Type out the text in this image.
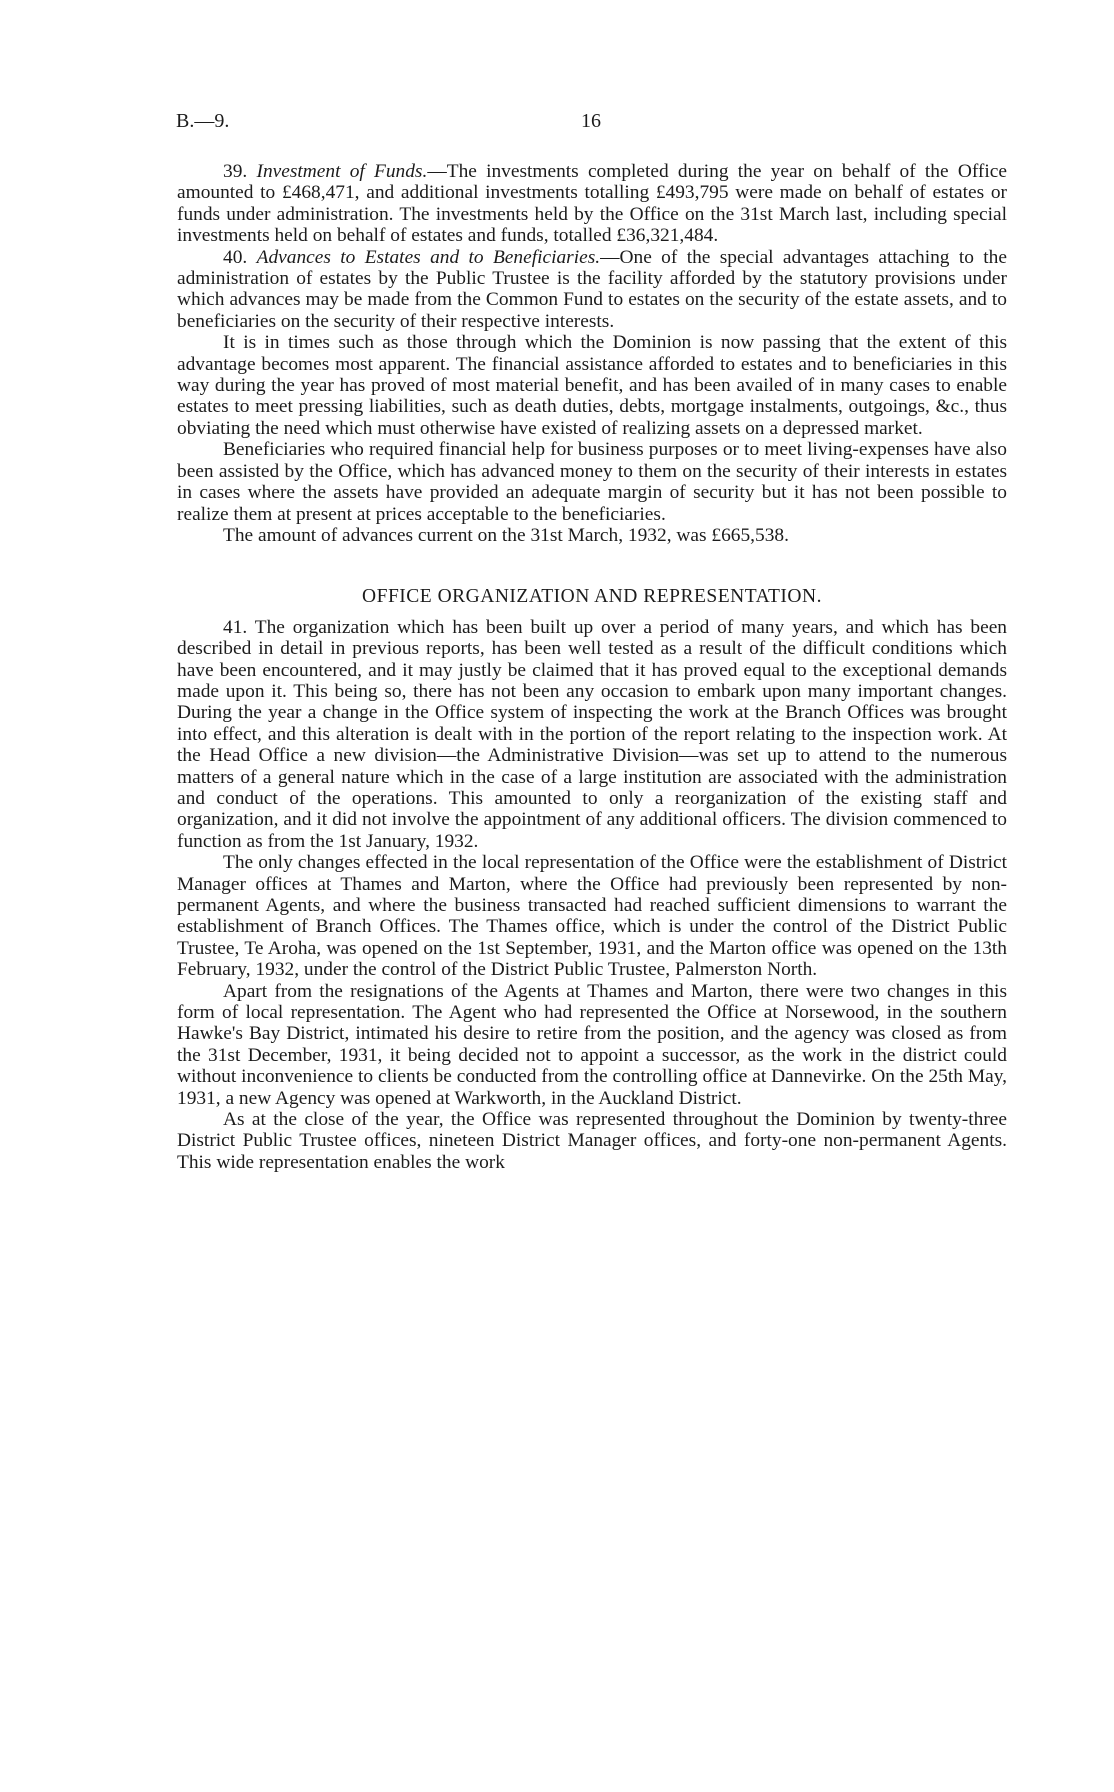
B.—9.	16

39. Investment of Funds.—The investments completed during the year on behalf of the Office amounted to £468,471, and additional investments totalling £493,795 were made on behalf of estates or funds under administration. The investments held by the Office on the 31st March last, including special investments held on behalf of estates and funds, totalled £36,321,484.

40. Advances to Estates and to Beneficiaries.—One of the special advantages attaching to the administration of estates by the Public Trustee is the facility afforded by the statutory provisions under which advances may be made from the Common Fund to estates on the security of the estate assets, and to beneficiaries on the security of their respective interests.

It is in times such as those through which the Dominion is now passing that the extent of this advantage becomes most apparent. The financial assistance afforded to estates and to beneficiaries in this way during the year has proved of most material benefit, and has been availed of in many cases to enable estates to meet pressing liabilities, such as death duties, debts, mortgage instalments, outgoings, &c., thus obviating the need which must otherwise have existed of realizing assets on a depressed market.

Beneficiaries who required financial help for business purposes or to meet living-expenses have also been assisted by the Office, which has advanced money to them on the security of their interests in estates in cases where the assets have provided an adequate margin of security but it has not been possible to realize them at present at prices acceptable to the beneficiaries.

The amount of advances current on the 31st March, 1932, was £665,538.

OFFICE ORGANIZATION AND REPRESENTATION.

41. The organization which has been built up over a period of many years, and which has been described in detail in previous reports, has been well tested as a result of the difficult conditions which have been encountered, and it may justly be claimed that it has proved equal to the exceptional demands made upon it. This being so, there has not been any occasion to embark upon many important changes. During the year a change in the Office system of inspecting the work at the Branch Offices was brought into effect, and this alteration is dealt with in the portion of the report relating to the inspection work. At the Head Office a new division—the Administrative Division—was set up to attend to the numerous matters of a general nature which in the case of a large institution are associated with the administration and conduct of the operations. This amounted to only a reorganization of the existing staff and organization, and it did not involve the appointment of any additional officers. The division commenced to function as from the 1st January, 1932.

The only changes effected in the local representation of the Office were the establishment of District Manager offices at Thames and Marton, where the Office had previously been represented by non-permanent Agents, and where the business transacted had reached sufficient dimensions to warrant the establishment of Branch Offices. The Thames office, which is under the control of the District Public Trustee, Te Aroha, was opened on the 1st September, 1931, and the Marton office was opened on the 13th February, 1932, under the control of the District Public Trustee, Palmerston North.

Apart from the resignations of the Agents at Thames and Marton, there were two changes in this form of local representation. The Agent who had represented the Office at Norsewood, in the southern Hawke's Bay District, intimated his desire to retire from the position, and the agency was closed as from the 31st December, 1931, it being decided not to appoint a successor, as the work in the district could without inconvenience to clients be conducted from the controlling office at Dannevirke. On the 25th May, 1931, a new Agency was opened at Warkworth, in the Auckland District.

As at the close of the year, the Office was represented throughout the Dominion by twenty-three District Public Trustee offices, nineteen District Manager offices, and forty-one non-permanent Agents. This wide representation enables the work
